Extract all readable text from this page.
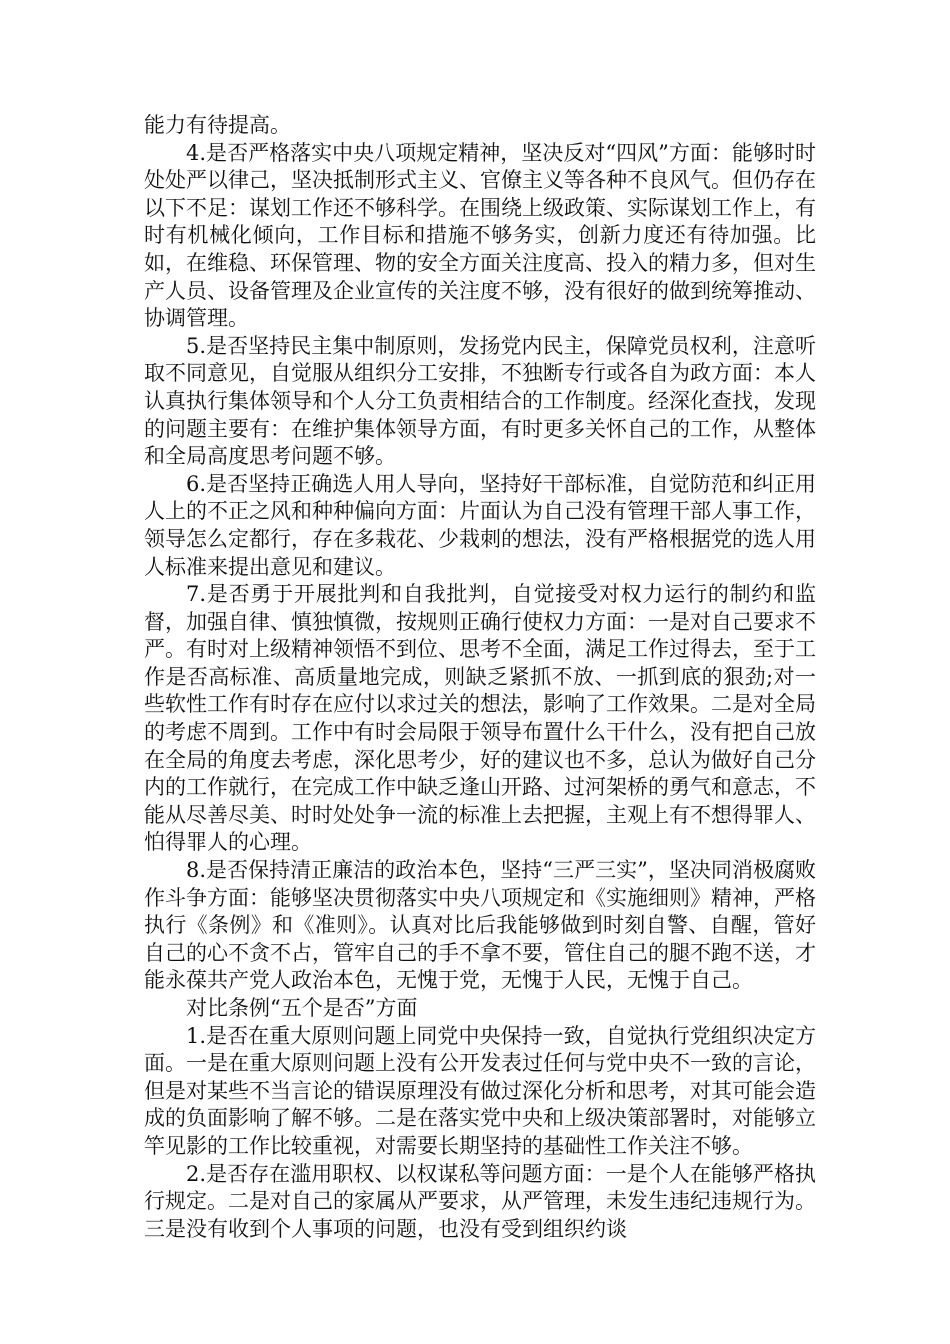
能力有待提高。

4.是否严格落实中央八项规定精神，坚决反对“四风”方面：能够时时处处严以律己，坚决抵制形式主义、官僚主义等各种不良风气。但仍存在以下不足：谋划工作还不够科学。在围绕上级政策、实际谋划工作上，有时有机械化倾向，工作目标和措施不够务实，创新力度还有待加强。比如，在维稳、环保管理、物的安全方面关注度高、投入的精力多，但对生产人员、设备管理及企业宣传的关注度不够，没有很好的做到统筹推动、协调管理。

5.是否坚持民主集中制原则，发扬党内民主，保障党员权利，注意听取不同意见，自觉服从组织分工安排，不独断专行或各自为政方面：本人认真执行集体领导和个人分工负责相结合的工作制度。经深化查找，发现的问题主要有：在维护集体领导方面，有时更多关怀自己的工作，从整体和全局高度思考问题不够。

6.是否坚持正确选人用人导向，坚持好干部标准，自觉防范和纠正用人上的不正之风和种种偏向方面：片面认为自己没有管理干部人事工作，领导怎么定都行，存在多栽花、少栽刺的想法，没有严格根据党的选人用人标准来提出意见和建议。

7.是否勇于开展批判和自我批判，自觉接受对权力运行的制约和监督，加强自律、慎独慎微，按规则正确行使权力方面：一是对自己要求不严。有时对上级精神领悟不到位、思考不全面，满足工作过得去，至于工作是否高标准、高质量地完成，则缺乏紧抓不放、一抓到底的狠劲;对一些软性工作有时存在应付以求过关的想法，影响了工作效果。二是对全局的考虑不周到。工作中有时会局限于领导布置什么干什么，没有把自己放在全局的角度去考虑，深化思考少，好的建议也不多，总认为做好自己分内的工作就行，在完成工作中缺乏逢山开路、过河架桥的勇气和意志，不能从尽善尽美、时时处处争一流的标准上去把握，主观上有不想得罪人、怕得罪人的心理。

8.是否保持清正廉洁的政治本色，坚持“三严三实”，坚决同消极腐败作斗争方面：能够坚决贯彻落实中央八项规定和《实施细则》精神，严格执行《条例》和《准则》。认真对比后我能够做到时刻自警、自醒，管好自己的心不贪不占，管牢自己的手不拿不要，管住自己的腿不跑不送，才能永葆共产党人政治本色，无愧于党，无愧于人民，无愧于自己。

对比条例“五个是否”方面

1.是否在重大原则问题上同党中央保持一致，自觉执行党组织决定方面。一是在重大原则问题上没有公开发表过任何与党中央不一致的言论，但是对某些不当言论的错误原理没有做过深化分析和思考，对其可能会造成的负面影响了解不够。二是在落实党中央和上级决策部署时，对能够立竿见影的工作比较重视，对需要长期坚持的基础性工作关注不够。

2.是否存在滥用职权、以权谋私等问题方面：一是个人在能够严格执行规定。二是对自己的家属从严要求，从严管理，未发生违纪违规行为。三是没有收到个人事项的问题，也没有受到组织约谈
